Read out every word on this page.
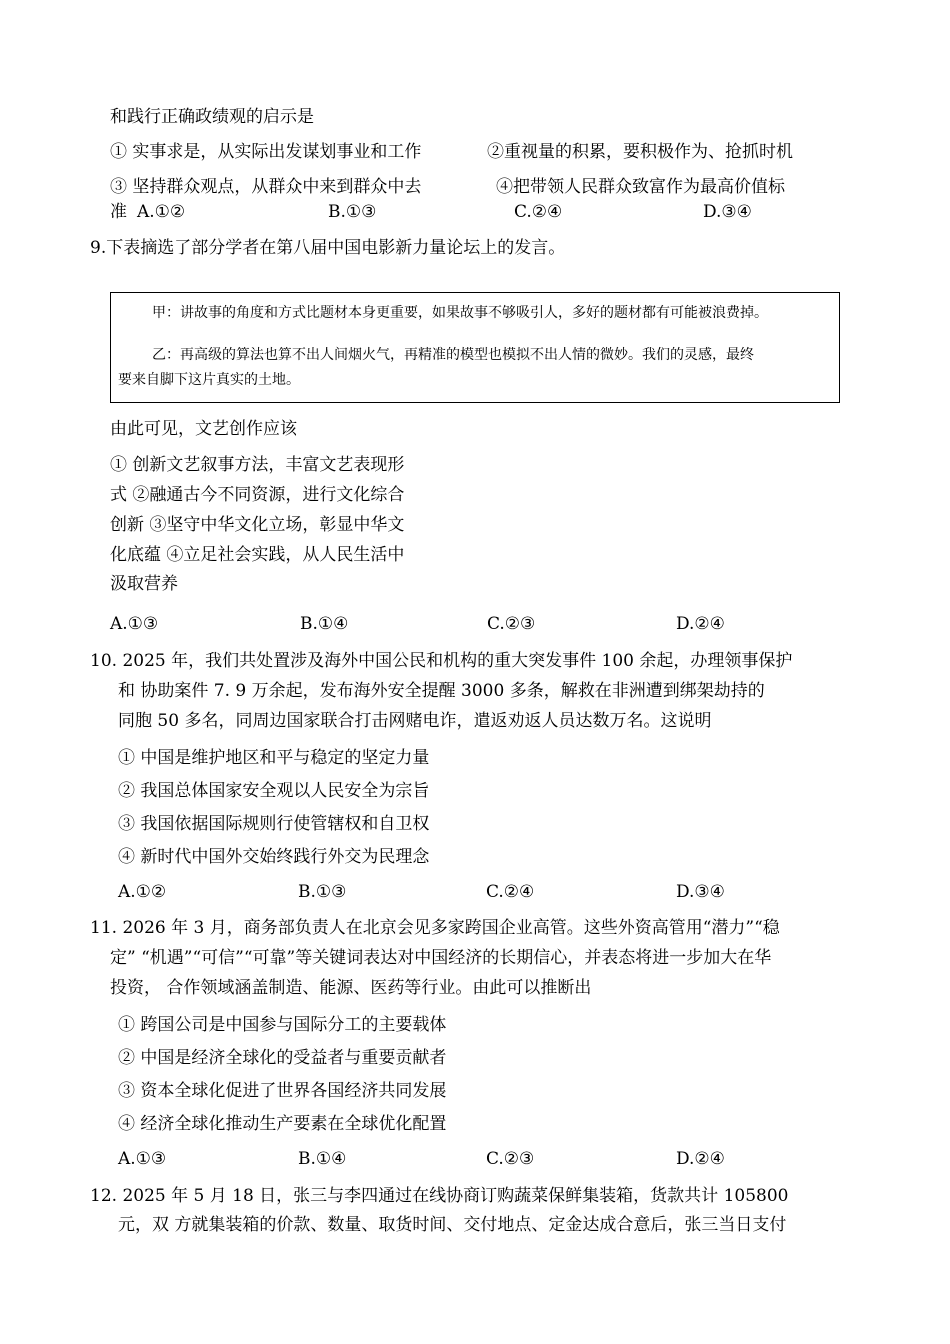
和践行正确政绩观的启示是
① 实事求是，从实际出发谋划事业和工作	②重视量的积累，要积极作为、抢抓时机
③ 坚持群众观点，从群众中来到群众中去	④把带领人民群众致富作为最高价值标
准 A.①②	B.①③	C.②④	D.③④
9.下表摘选了部分学者在第八届中国电影新力量论坛上的发言。
甲：讲故事的角度和方式比题材本身更重要，如果故事不够吸引人，多好的题材都有可能被浪费掉。
乙：再高级的算法也算不出人间烟火气，再精准的模型也模拟不出人情的微妙。我们的灵感，最终
要来自脚下这片真实的土地。
由此可见，文艺创作应该
① 创新文艺叙事方法，丰富文艺表现形
式 ②融通古今不同资源，进行文化综合
创新 ③坚守中华文化立场，彰显中华文
化底蕴 ④立足社会实践，从人民生活中
汲取营养
A.①③	B.①④	C.②③	D.②④
10. 2025 年，我们共处置涉及海外中国公民和机构的重大突发事件 100 余起，办理领事保护
和 协助案件 7. 9 万余起，发布海外安全提醒 3000 多条，解救在非洲遭到绑架劫持的
同胞 50 多名，同周边国家联合打击网赌电诈，遣返劝返人员达数万名。这说明
① 中国是维护地区和平与稳定的坚定力量
② 我国总体国家安全观以人民安全为宗旨
③ 我国依据国际规则行使管辖权和自卫权
④ 新时代中国外交始终践行外交为民理念
A.①②	B.①③	C.②④	D.③④
11. 2026 年 3 月，商务部负责人在北京会见多家跨国企业高管。这些外资高管用“潜力”“稳
定” “机遇”“可信”“可靠”等关键词表达对中国经济的长期信心，并表态将进一步加大在华
投资， 合作领域涵盖制造、能源、医药等行业。由此可以推断出
① 跨国公司是中国参与国际分工的主要载体
② 中国是经济全球化的受益者与重要贡献者
③ 资本全球化促进了世界各国经济共同发展
④ 经济全球化推动生产要素在全球优化配置
A.①③	B.①④	C.②③	D.②④
12. 2025 年 5 月 18 日，张三与李四通过在线协商订购蔬菜保鲜集装箱，货款共计 105800
元，双 方就集装箱的价款、数量、取货时间、交付地点、定金达成合意后，张三当日支付
